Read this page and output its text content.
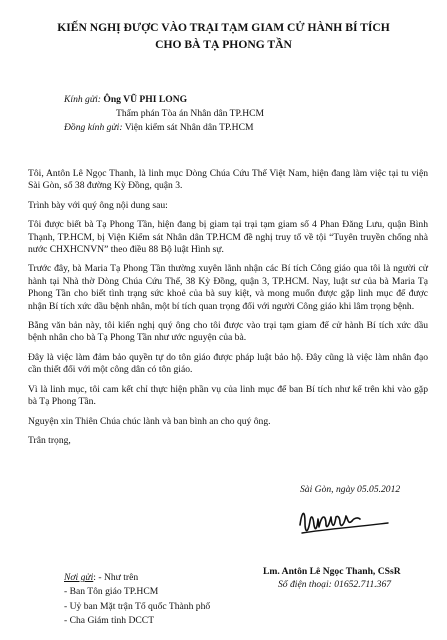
KIẾN NGHỊ ĐƯỢC VÀO TRẠI TẠM GIAM CỬ HÀNH BÍ TÍCH
CHO BÀ TẠ PHONG TẦN
Kính gửi: Ông VŨ PHI LONG
Thẩm phán Tòa án Nhân dân TP.HCM
Đồng kính gửi: Viện kiểm sát Nhân dân TP.HCM

Tôi, Antôn Lê Ngọc Thanh, là linh mục Dòng Chúa Cứu Thế Việt Nam, hiện đang làm việc tại tu viện Sài Gòn, số 38 đường Kỳ Đồng, quận 3.

Trình bày với quý ông nội dung sau:

Tôi được biết bà Tạ Phong Tần, hiện đang bị giam tại trại tạm giam số 4 Phan Đăng Lưu, quận Bình Thạnh, TP.HCM, bị Viện Kiểm sát Nhân dân TP.HCM đề nghị truy tố về tội “Tuyên truyền chống nhà nước CHXHCNVN” theo điều 88 Bộ luật Hình sự.

Trước đây, bà Maria Tạ Phong Tần thường xuyên lãnh nhận các Bí tích Công giáo qua tôi là người cử hành tại Nhà thờ Dòng Chúa Cứu Thế, 38 Kỳ Đồng, quận 3, TP.HCM. Nay, luật sư của bà Maria Tạ Phong Tần cho biết tình trạng sức khoẻ của bà suy kiệt, và mong muốn được gặp linh mục để được nhận Bí tích xức dầu bệnh nhân, một bí tích quan trọng đối với người Công giáo khi lâm trọng bệnh.

Bằng văn bản này, tôi kiến nghị quý ông cho tôi được vào trại tạm giam để cử hành Bí tích xức dầu bệnh nhân cho bà Tạ Phong Tần như ước nguyện của bà.

Đây là việc làm đảm bảo quyền tự do tôn giáo được pháp luật bảo hộ. Đây cũng là việc làm nhân đạo cần thiết đối với một công dân có tôn giáo.

Vì là linh mục, tôi cam kết chỉ thực hiện phần vụ của linh mục để ban Bí tích như kể trên khi vào gặp bà Tạ Phong Tần.

Nguyện xin Thiên Chúa chúc lành và ban bình an cho quý ông.

Trân trọng,

Sài Gòn, ngày 05.05.2012
Lm. Antôn Lê Ngọc Thanh, CSsR
Số điện thoại: 01652.711.367
Nơi gửi: - Như trên
- Ban Tôn giáo TP.HCM
- Uỷ ban Mặt trận Tổ quốc Thành phố
- Cha Giám tỉnh DCCT
